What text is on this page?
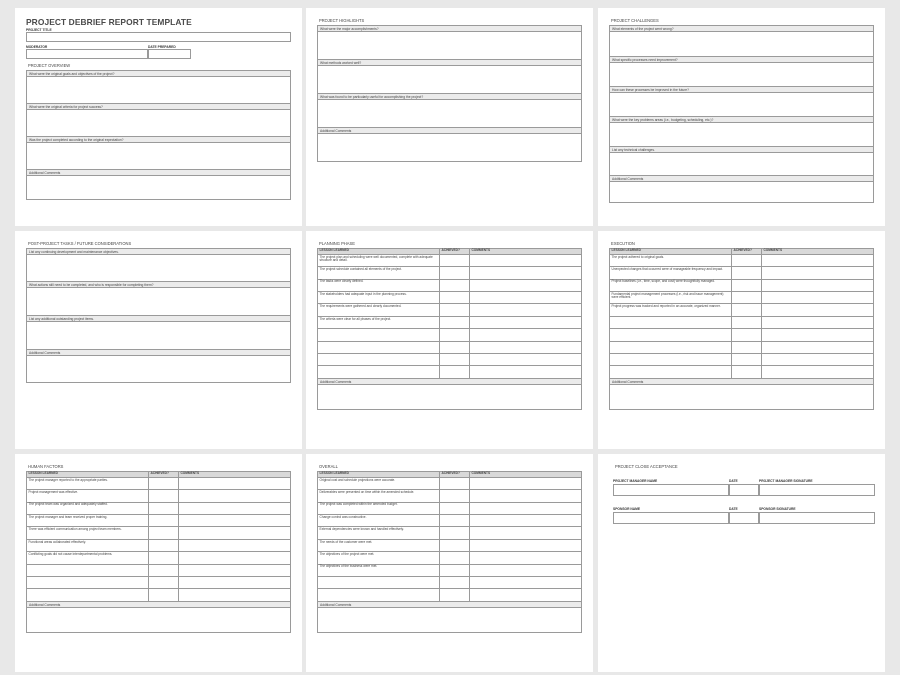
PROJECT DEBRIEF REPORT TEMPLATE
PROJECT TITLE
MODERATOR	DATE PREPARED
PROJECT OVERVIEW
What were the original goals and objectives of the project?
What were the original criteria for project success?
Was the project completed according to the original expectation?
Additional Comments
PROJECT HIGHLIGHTS
What were the major accomplishments?
What methods worked well?
What was found to be particularly useful for accomplishing the project?
Additional Comments
PROJECT CHALLENGES
What elements of the project went wrong?
What specific processes need improvement?
How can these processes be improved in the future?
What were the key problems areas (i.e., budgeting, scheduling, etc.)?
List any technical challenges.
Additional Comments
POST-PROJECT TASKS / FUTURE CONSIDERATIONS
List any continuing development and maintenance objectives.
What actions still need to be completed, and who is responsible for completing them?
List any additional outstanding project items.
Additional Comments
PLANNING PHASE
LESSON LEARNED	ACHIEVED?	COMMENTS
The project plan and scheduling were well documented, complete with adequate structure and detail.		
The project schedule contained all elements of the project.		
The tasks were clearly defined.		
The stakeholders had adequate input in the planning process.		
The requirements were gathered and clearly documented.		
The criteria were clear for all phases of the project.		

Additional Comments
EXECUTION
LESSON LEARNED	ACHIEVED?	COMMENTS
The project adhered to original goals.		
Unexpected changes that occurred were of manageable frequency and impact.		
Project baselines (i.e., time, scope, and cost) were thoughtfully managed.		
Fundamental project management processes (i.e., risk and issue management) were efficient.		
Project progress was tracked and reported in an accurate, organized manner.		

Additional Comments
HUMAN FACTORS
LESSON LEARNED	ACHIEVED?	COMMENTS
The project manager reported to the appropriate parties.		
Project management was effective.		
The project team was organized and adequately staffed.		
The project manager and team received proper training.		
There was efficient communication among project team members.		
Functional areas collaborated effectively.		
Conflicting goals did not cause interdepartmental problems.		

Additional Comments
OVERALL
LESSON LEARNED	ACHIEVED?	COMMENTS
Original cost and schedule projections were accurate.		
Deliverables were presented on time within the amended schedule.		
The project was completed within the amended budget.		
Change control was constructive.		
External dependencies were known and handled effectively.		
The needs of the customer were met.		
The objectives of the project were met.		
The objectives of the business were met.		

Additional Comments
PROJECT CLOSE ACCEPTANCE
PROJECT MANAGER NAME	DATE	PROJECT MANAGER SIGNATURE
SPONSOR NAME	DATE	SPONSOR SIGNATURE
